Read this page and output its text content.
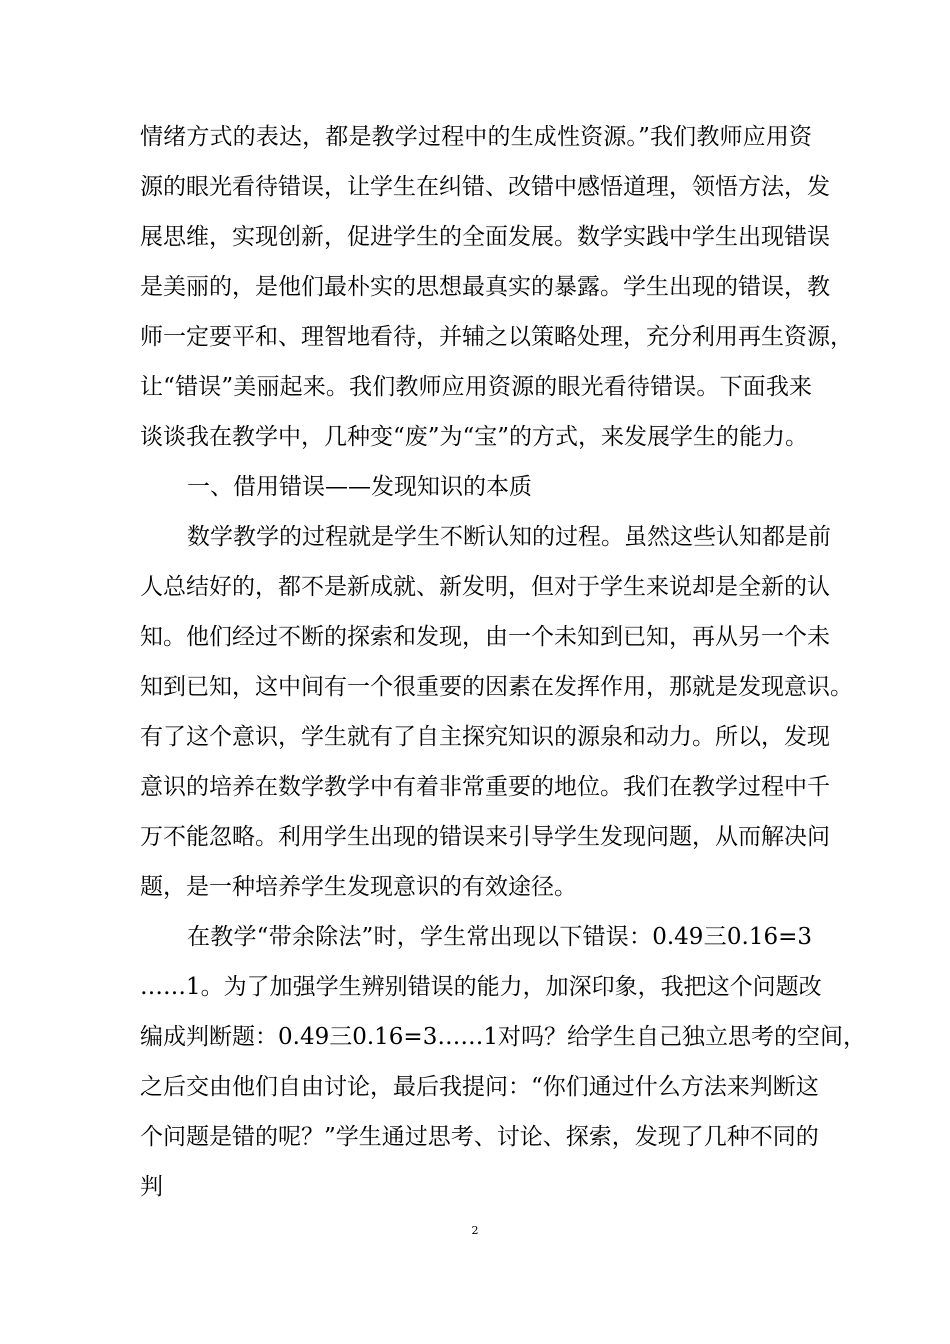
情绪方式的表达，都是教学过程中的生成性资源。”我们教师应用资
源的眼光看待错误，让学生在纠错、改错中感悟道理，领悟方法，发
展思维，实现创新，促进学生的全面发展。数学实践中学生出现错误
是美丽的，是他们最朴实的思想最真实的暴露。学生出现的错误，教
师一定要平和、理智地看待，并辅之以策略处理，充分利用再生资源，
让“错误”美丽起来。我们教师应用资源的眼光看待错误。下面我来
谈谈我在教学中，几种变“废”为“宝”的方式，来发展学生的能力。
一、借用错误——发现知识的本质
数学教学的过程就是学生不断认知的过程。虽然这些认知都是前
人总结好的，都不是新成就、新发明，但对于学生来说却是全新的认
知。他们经过不断的探索和发现，由一个未知到已知，再从另一个未
知到已知，这中间有一个很重要的因素在发挥作用，那就是发现意识。
有了这个意识，学生就有了自主探究知识的源泉和动力。所以，发现
意识的培养在数学教学中有着非常重要的地位。我们在教学过程中千
万不能忽略。利用学生出现的错误来引导学生发现问题，从而解决问
题，是一种培养学生发现意识的有效途径。
在教学“带余除法”时，学生常出现以下错误：0.49三0.16=3
……1。为了加强学生辨别错误的能力，加深印象，我把这个问题改
编成判断题：0.49三0.16=3……1对吗？给学生自己独立思考的空间，
之后交由他们自由讨论，最后我提问：“你们通过什么方法来判断这
个问题是错的呢？”学生通过思考、讨论、探索，发现了几种不同的
判
2
